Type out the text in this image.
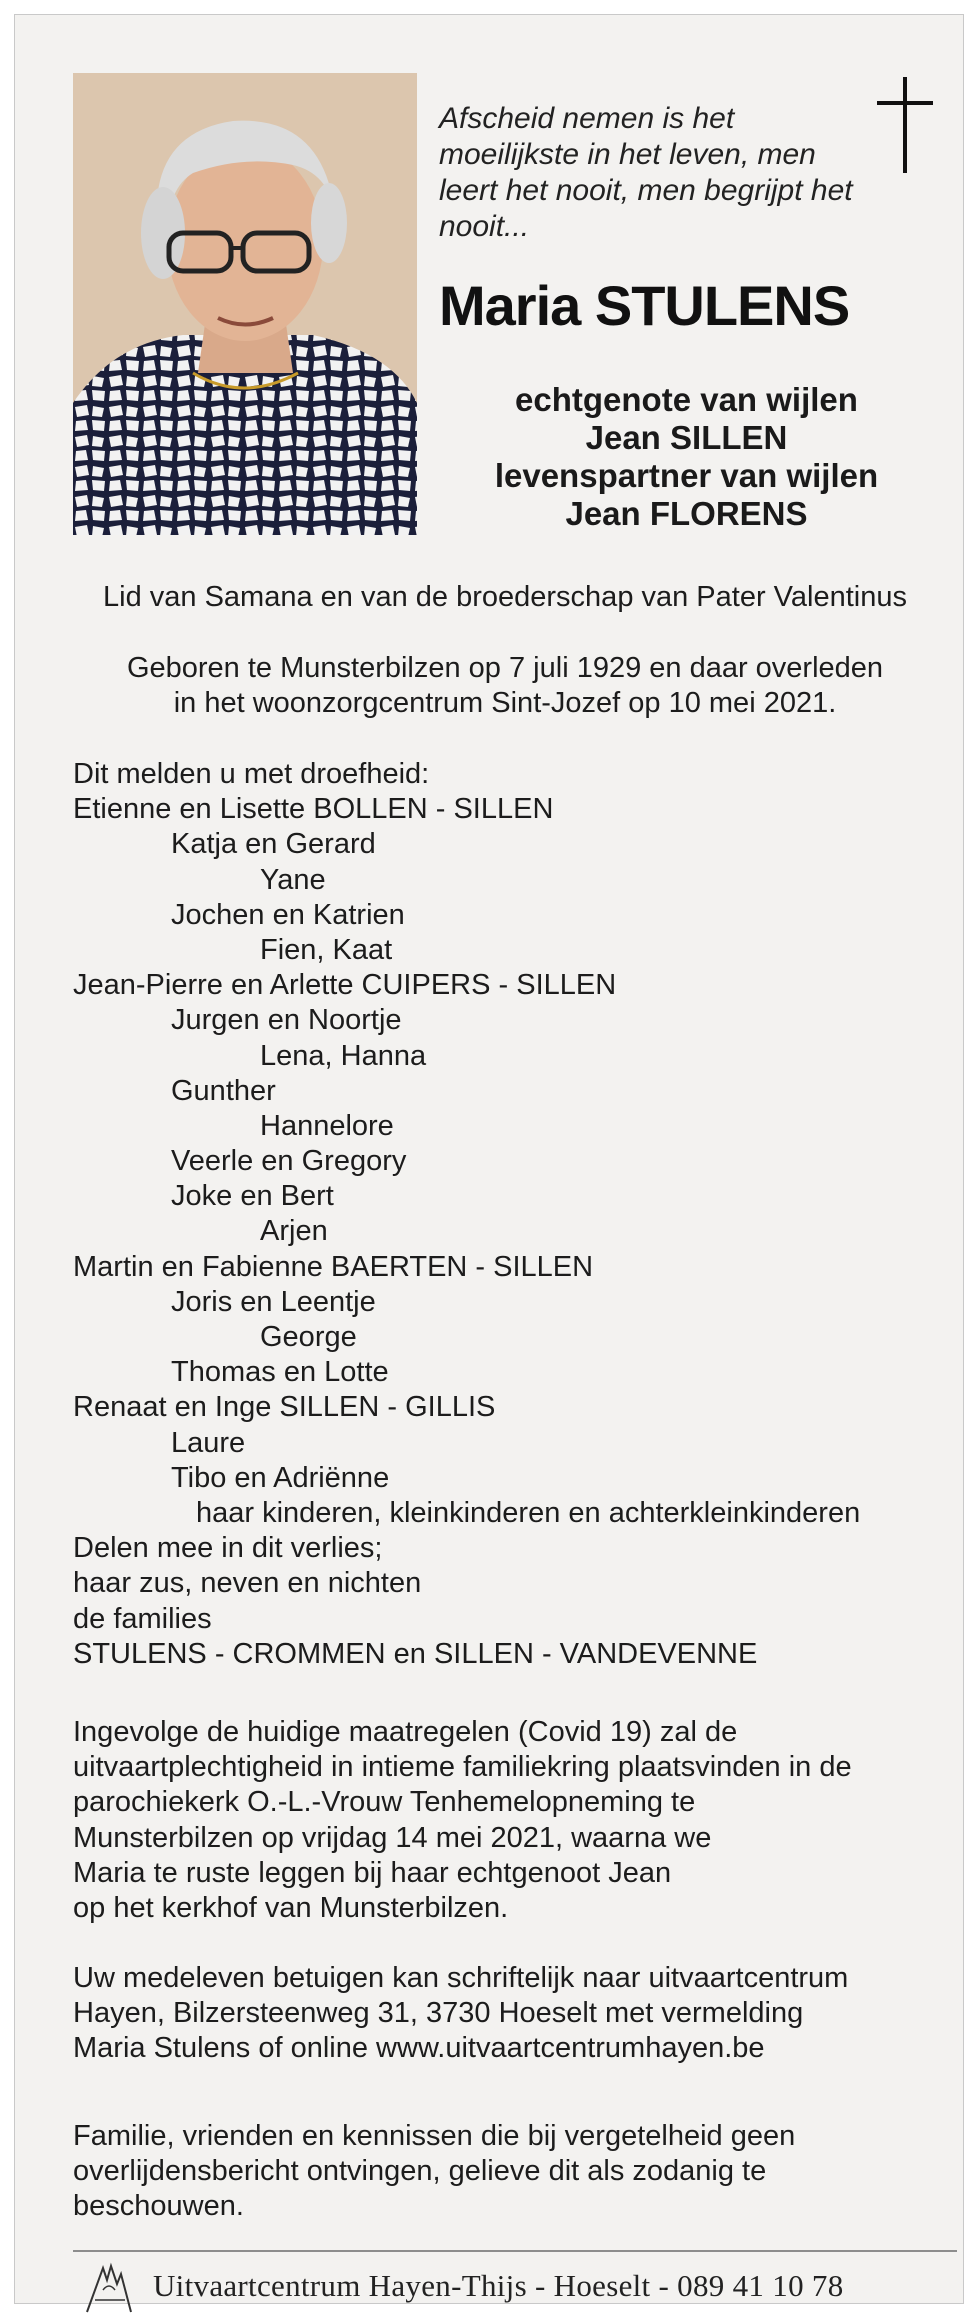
Afscheid nemen is het
moeilijkste in het leven, men
leert het nooit, men begrijpt het
nooit...
Maria STULENS
echtgenote van wijlen
Jean SILLEN
levenspartner van wijlen
Jean FLORENS
Lid van Samana en van de broederschap van Pater Valentinus
Geboren te Munsterbilzen op 7 juli 1929 en daar overleden
in het woonzorgcentrum Sint-Jozef op 10 mei 2021.
Dit melden u met droefheid:
Etienne en Lisette BOLLEN - SILLEN
Katja en Gerard
Yane
Jochen en Katrien
Fien, Kaat
Jean-Pierre en Arlette CUIPERS - SILLEN
Jurgen en Noortje
Lena, Hanna
Gunther
Hannelore
Veerle en Gregory
Joke en Bert
Arjen
Martin en Fabienne BAERTEN - SILLEN
Joris en Leentje
George
Thomas en Lotte
Renaat en Inge SILLEN - GILLIS
Laure
Tibo en Adriënne
haar kinderen, kleinkinderen en achterkleinkinderen
Delen mee in dit verlies;
haar zus, neven en nichten
de families
STULENS - CROMMEN en SILLEN - VANDEVENNE
Ingevolge de huidige maatregelen (Covid 19) zal de
uitvaartplechtigheid in intieme familiekring plaatsvinden in de
parochiekerk O.-L.-Vrouw Tenhemelopneming te
Munsterbilzen op vrijdag 14 mei 2021, waarna we
Maria te ruste leggen bij haar echtgenoot Jean
op het kerkhof van Munsterbilzen.
Uw medeleven betuigen kan schriftelijk naar uitvaartcentrum
Hayen, Bilzersteenweg 31, 3730 Hoeselt met vermelding
Maria Stulens of online www.uitvaartcentrumhayen.be
Familie, vrienden en kennissen die bij vergetelheid geen
overlijdensbericht ontvingen, gelieve dit als zodanig te
beschouwen.
Uitvaartcentrum Hayen-Thijs - Hoeselt - 089 41 10 78
